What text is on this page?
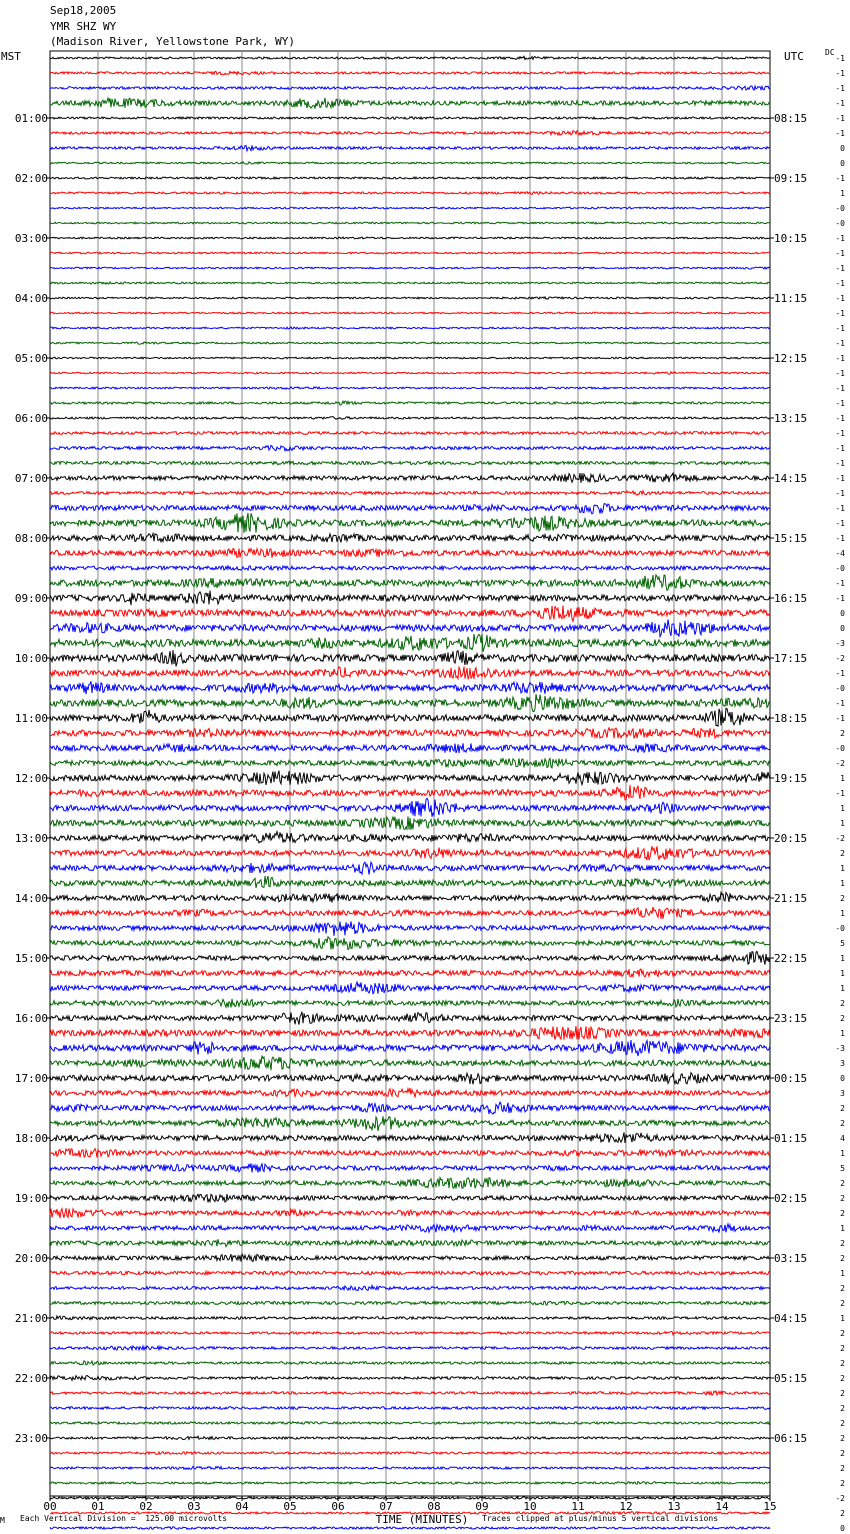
Sep18,2005
YMR SHZ WY
(Madison River, Yellowstone Park, WY)
-1
-1
-1
-1
-1
-1
0
0
-1
1
-0
-0
-1
-1
-1
-1
-1
-1
-1
-1
-1
-1
-1
-1
-1
-1
-1
-1
-1
-1
-1
-1
-1
-4
-0
-1
-1
0
0
-3
-2
-1
-0
-1
-1
2
-0
-2
1
-1
1
1
-2
2
1
1
2
1
-0
5
1
1
1
2
2
1
-3
3
0
3
2
2
4
1
5
2
2
2
1
2
2
1
2
2
1
2
2
2
2
2
2
2
2
2
2
2
-2
2
0
01:00
02:00
03:00
04:00
05:00
06:00
07:00
08:00
09:00
10:00
11:00
12:00
13:00
14:00
15:00
16:00
17:00
18:00
19:00
20:00
21:00
22:00
23:00
08:15
09:15
10:15
11:15
12:15
13:15
14:15
15:15
16:15
17:15
18:15
19:15
20:15
21:15
22:15
23:15
00:15
01:15
02:15
03:15
04:15
05:15
06:15
00	01	02	03	04	05	06	07	08	09	10	11	12	13	14	15
TIME (MINUTES)
MST	UTC	DC
M Each Vertical Division =  125.00 microvolts	Traces clipped at plus/minus 5 vertical divisions
